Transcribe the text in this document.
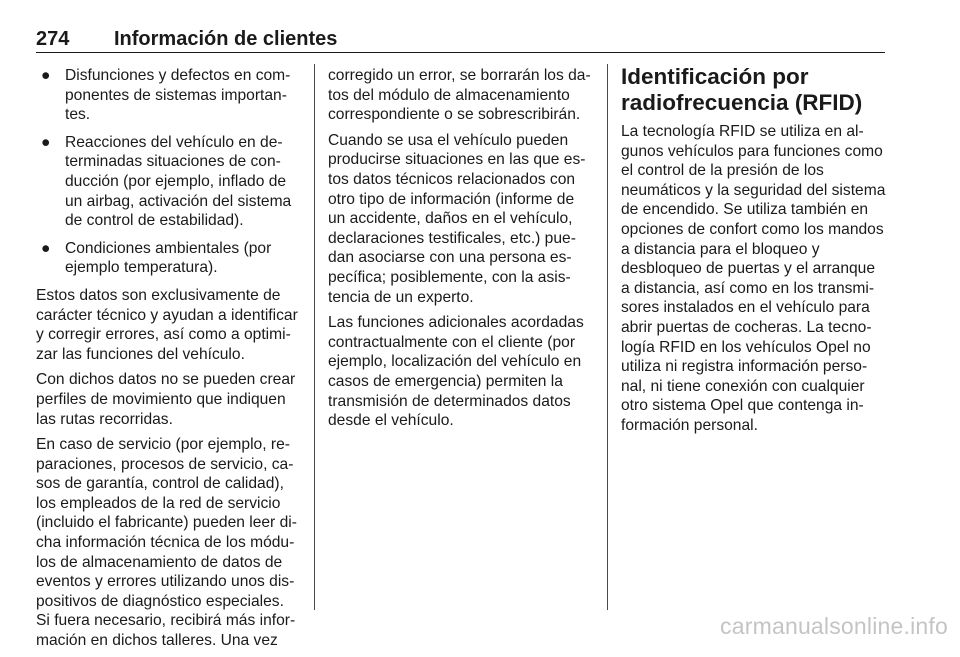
274 Información de clientes
● Disfunciones y defectos en componentes de sistemas importantes.
● Reacciones del vehículo en determinadas situaciones de conducción (por ejemplo, inflado de un airbag, activación del sistema de control de estabilidad).
● Condiciones ambientales (por ejemplo temperatura).

Estos datos son exclusivamente de carácter técnico y ayudan a identificar y corregir errores, así como a optimizar las funciones del vehículo.

Con dichos datos no se pueden crear perfiles de movimiento que indiquen las rutas recorridas.

En caso de servicio (por ejemplo, reparaciones, procesos de servicio, casos de garantía, control de calidad), los empleados de la red de servicio (incluido el fabricante) pueden leer dicha información técnica de los módulos de almacenamiento de datos de eventos y errores utilizando unos dispositivos de diagnóstico especiales. Si fuera necesario, recibirá más información en dichos talleres. Una vez

corregido un error, se borrarán los datos del módulo de almacenamiento correspondiente o se sobrescribirán.

Cuando se usa el vehículo pueden producirse situaciones en las que estos datos técnicos relacionados con otro tipo de información (informe de un accidente, daños en el vehículo, declaraciones testificales, etc.) puedan asociarse con una persona específica; posiblemente, con la asistencia de un experto.

Las funciones adicionales acordadas contractualmente con el cliente (por ejemplo, localización del vehículo en casos de emergencia) permiten la transmisión de determinados datos desde el vehículo.

Identificación por radiofrecuencia (RFID)

La tecnología RFID se utiliza en algunos vehículos para funciones como el control de la presión de los neumáticos y la seguridad del sistema de encendido. Se utiliza también en opciones de confort como los mandos a distancia para el bloqueo y desbloqueo de puertas y el arranque a distancia, así como en los transmisores instalados en el vehículo para abrir puertas de cocheras. La tecnología RFID en los vehículos Opel no utiliza ni registra información personal, ni tiene conexión con cualquier otro sistema Opel que contenga información personal.

carmanualsonline.info
